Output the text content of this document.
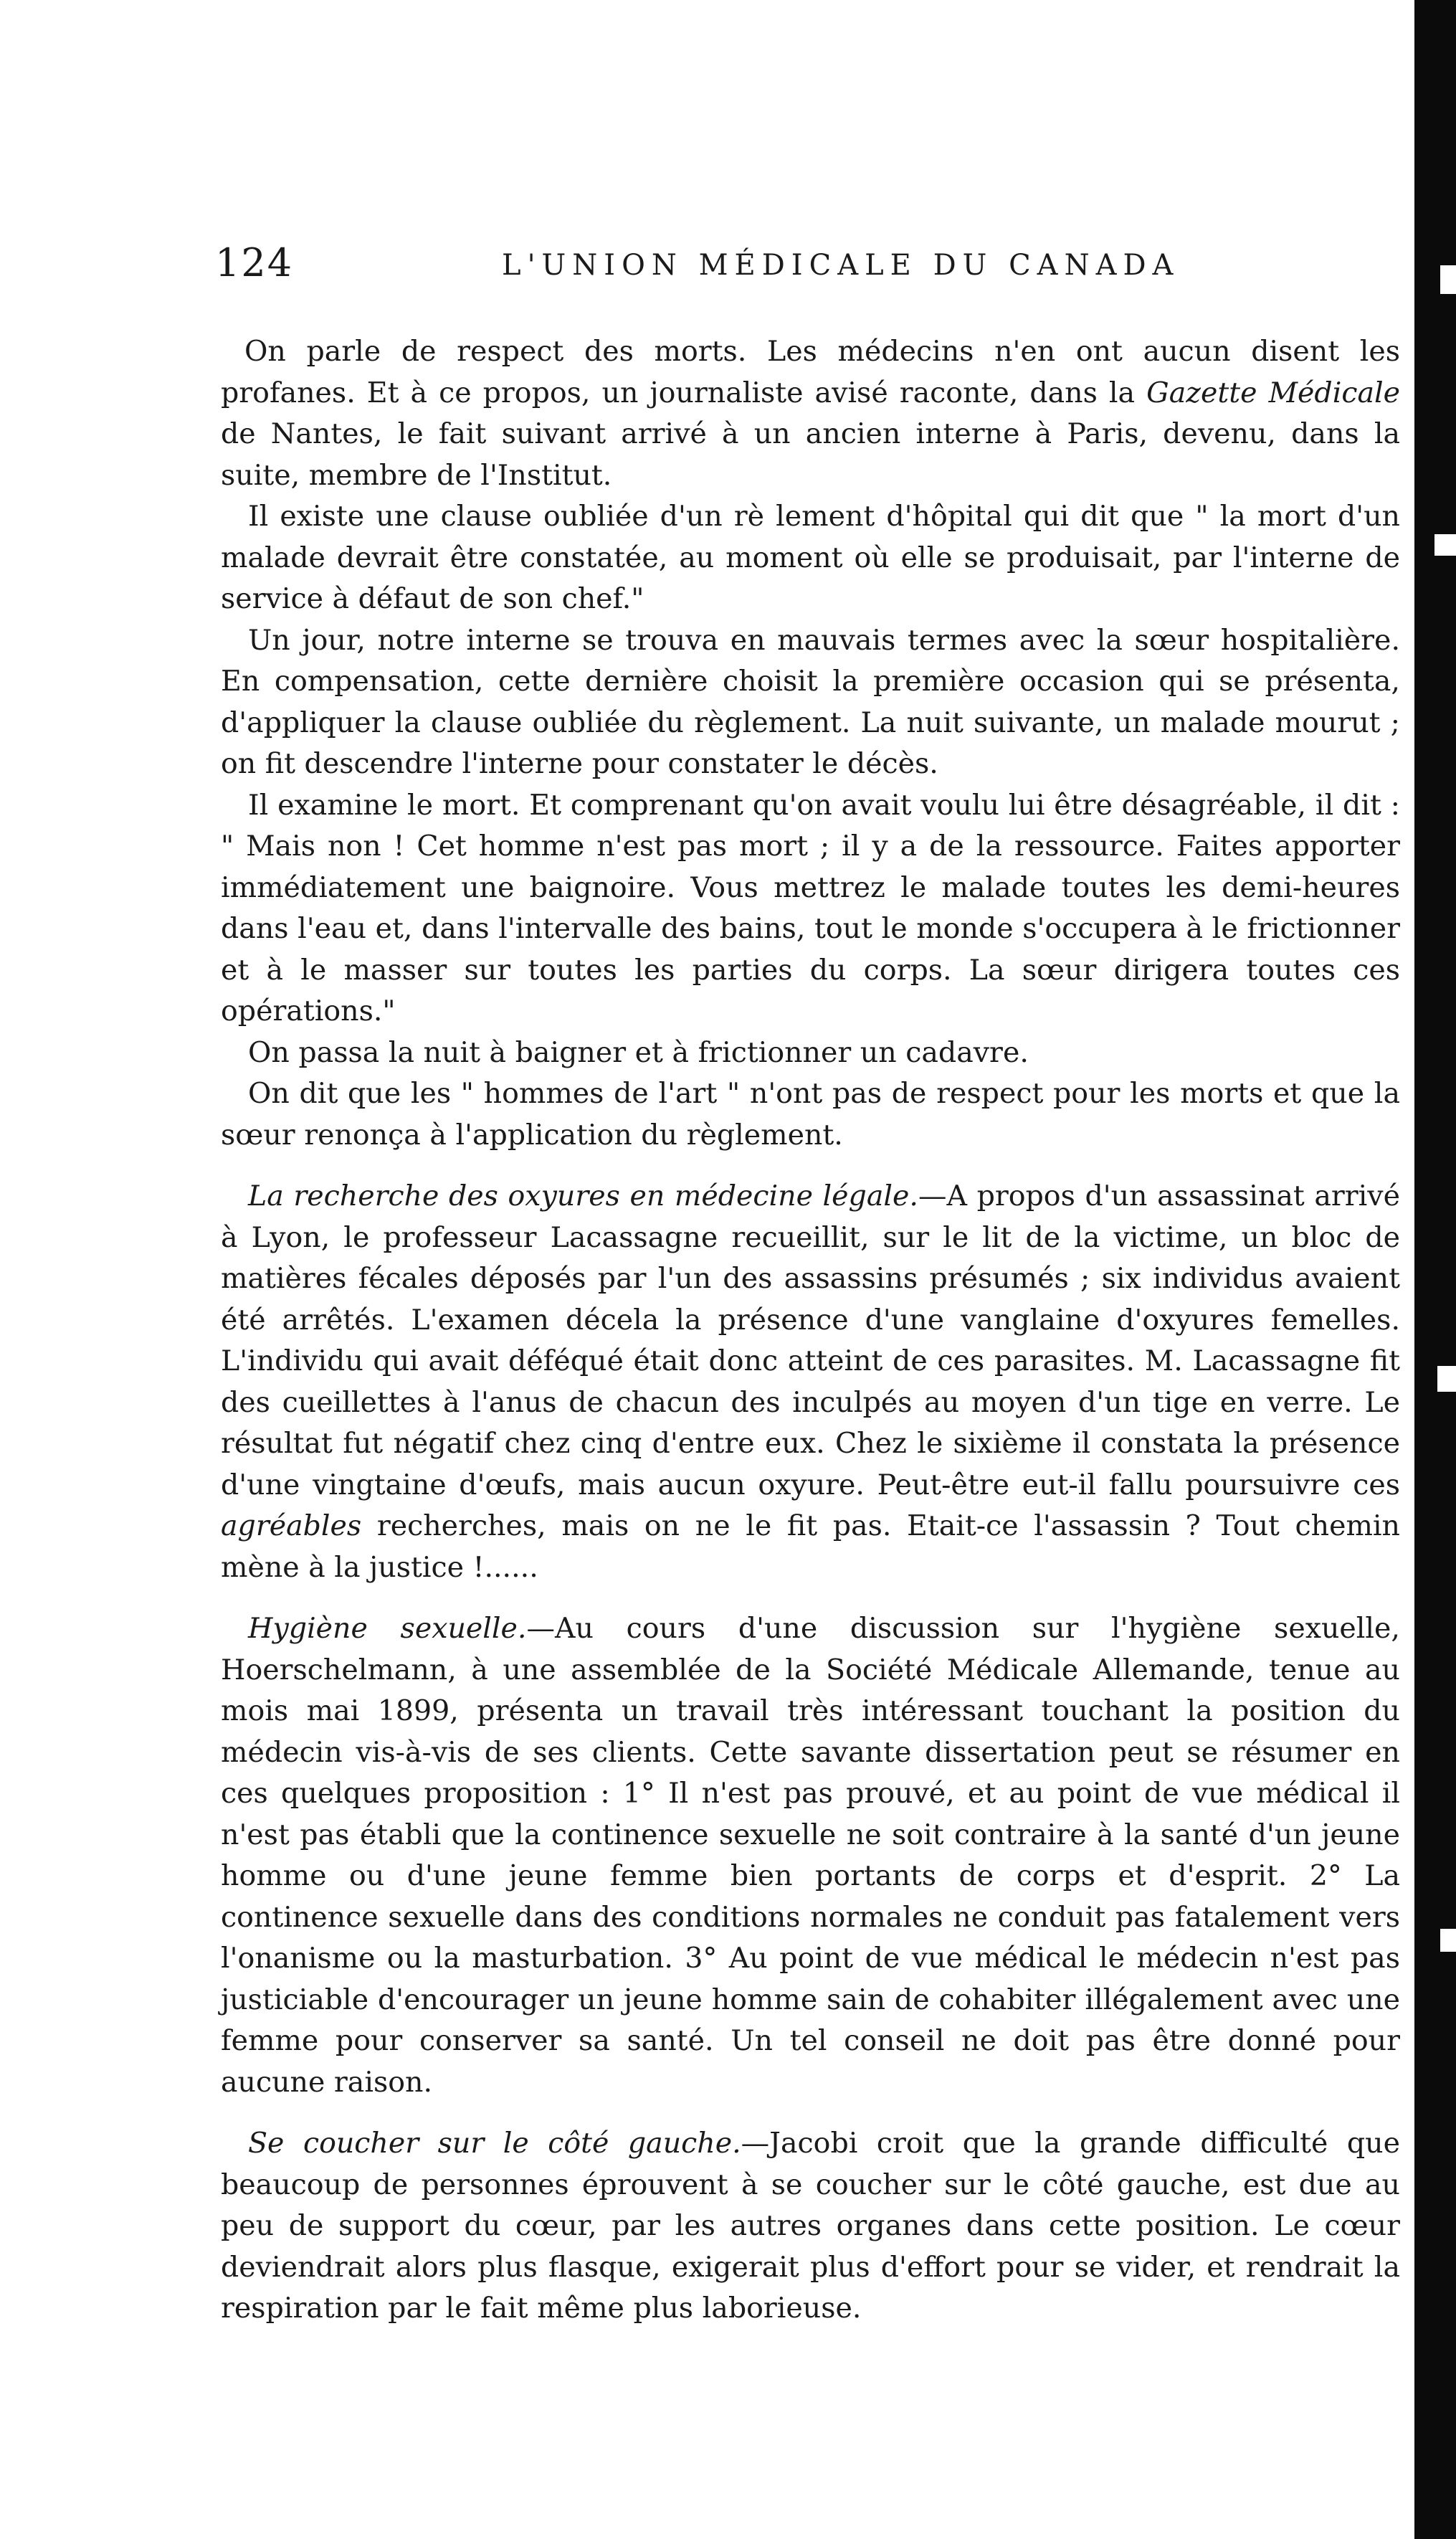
124	L'UNION MÉDICALE DU CANADA

On parle de respect des morts. Les médecins n'en ont aucun disent les profanes. Et à ce propos, un journaliste avisé raconte, dans la Gazette Médicale de Nantes, le fait suivant arrivé à un ancien interne à Paris, devenu, dans la suite, membre de l'Institut.

Il existe une clause oubliée d'un rè lement d'hôpital qui dit que " la mort d'un malade devrait être constatée, au moment où elle se produisait, par l'interne de service à défaut de son chef."

Un jour, notre interne se trouva en mauvais termes avec la sœur hospitalière. En compensation, cette dernière choisit la première occasion qui se présenta, d'appliquer la clause oubliée du règlement. La nuit suivante, un malade mourut ; on fit descendre l'interne pour constater le décès.

Il examine le mort. Et comprenant qu'on avait voulu lui être désagréable, il dit : " Mais non ! Cet homme n'est pas mort ; il y a de la ressource. Faites apporter immédiatement une baignoire. Vous mettrez le malade toutes les demi-heures dans l'eau et, dans l'intervalle des bains, tout le monde s'occupera à le frictionner et à le masser sur toutes les parties du corps. La sœur dirigera toutes ces opérations."

On passa la nuit à baigner et à frictionner un cadavre.

On dit que les " hommes de l'art " n'ont pas de respect pour les morts et que la sœur renonça à l'application du règlement.

La recherche des oxyures en médecine légale.—A propos d'un assassinat arrivé à Lyon, le professeur Lacassagne recueillit, sur le lit de la victime, un bloc de matières fécales déposés par l'un des assassins présumés ; six individus avaient été arrêtés. L'examen décela la présence d'une vanglaine d'oxyures femelles. L'individu qui avait déféqué était donc atteint de ces parasites. M. Lacassagne fit des cueillettes à l'anus de chacun des inculpés au moyen d'un tige en verre. Le résultat fut négatif chez cinq d'entre eux. Chez le sixième il constata la présence d'une vingtaine d'œufs, mais aucun oxyure. Peut-être eut-il fallu poursuivre ces agréables recherches, mais on ne le fit pas. Etait-ce l'assassin ? Tout chemin mène à la justice !......

Hygiène sexuelle.—Au cours d'une discussion sur l'hygiène sexuelle, Hoerschelmann, à une assemblée de la Société Médicale Allemande, tenue au mois mai 1899, présenta un travail très intéressant touchant la position du médecin vis-à-vis de ses clients. Cette savante dissertation peut se résumer en ces quelques proposition : 1° Il n'est pas prouvé, et au point de vue médical il n'est pas établi que la continence sexuelle ne soit contraire à la santé d'un jeune homme ou d'une jeune femme bien portants de corps et d'esprit. 2° La continence sexuelle dans des conditions normales ne conduit pas fatalement vers l'onanisme ou la masturbation. 3° Au point de vue médical le médecin n'est pas justiciable d'encourager un jeune homme sain de cohabiter illégalement avec une femme pour conserver sa santé. Un tel conseil ne doit pas être donné pour aucune raison.

Se coucher sur le côté gauche.—Jacobi croit que la grande difficulté que beaucoup de personnes éprouvent à se coucher sur le côté gauche, est due au peu de support du cœur, par les autres organes dans cette position. Le cœur deviendrait alors plus flasque, exigerait plus d'effort pour se vider, et rendrait la respiration par le fait même plus laborieuse.
